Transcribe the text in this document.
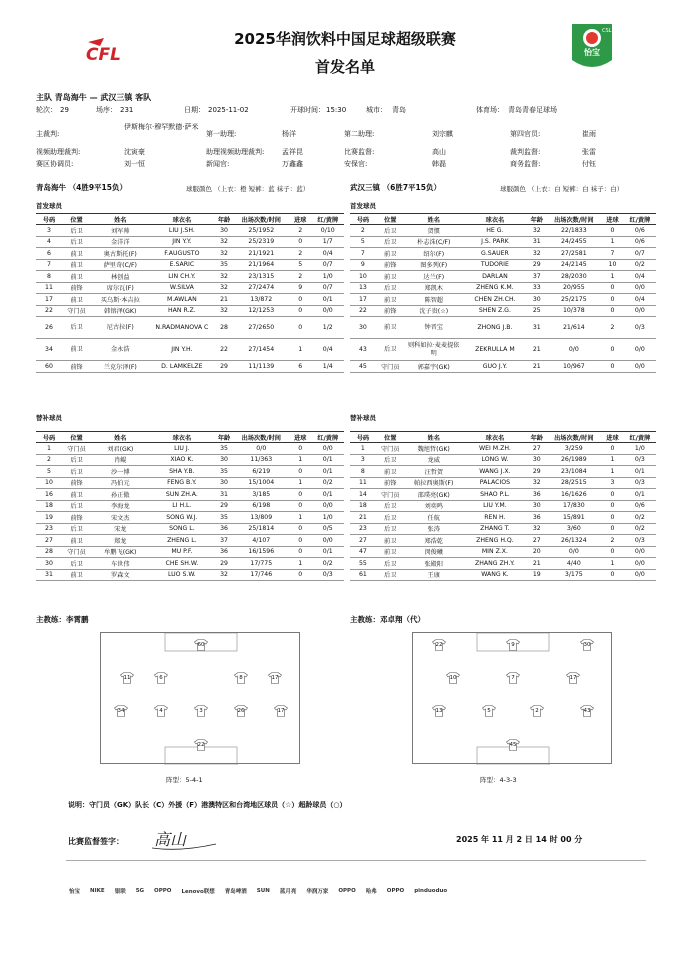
CFL	怡宝
CSL
2025华润饮料中国足球超级联赛
首发名单
主队 青岛海牛 — 武汉三镇 客队
轮次： 29	场序： 231	日期： 2025-11-02	开球时间： 15:30	城市： 青岛	体育场： 青岛青春足球场
主裁判:
伊斯梅尔·穆罕默德·萨米
第一助理:	杨洋	第二助理:	刘宗麒	第四官员:	崔雨
视频助理裁判:	沈寅豪	助理视频助理裁判:	孟祥昆	比赛监督:	高山	裁判监督:	张雷
赛区协调员:	刘一恒	新闻官:	万鑫鑫	安保官:	韩磊	商务监督:	付钰
青岛海牛 （4胜9平15负）	球服颜色 （上衣：橙 短裤：蓝 袜子：蓝）	武汉三镇 （6胜7平15负）	球服颜色 （上衣：白 短裤：白 袜子：白）
首发球员	首发球员
号码	位置	姓名	球衣名	年龄	出场次数/时间	进球	红/黄牌
3	后卫	刘军帅	LIU J.SH.	30	25/1952	2	0/10
4	后卫	金洋洋	JIN Y.Y.	32	25/2319	0	1/7
6	前卫	奥古斯托(F)	F.AUGUSTO	32	21/1921	2	0/4
7	前卫	萨里奇(C/F)	E.SARIC	35	21/1964	5	0/7
8	前卫	林创益	LIN CH.Y.	32	23/1315	2	1/0
11	前锋	席尔瓦(F)	W.SILVA	32	27/2474	9	0/7
17	前卫	买乌斯·本吉拉	M.AWLAN	21	13/872	0	0/1
22	守门员	韩镕泽(GK)	HAN R.Z.	32	12/1253	0	0/0
26	后卫	尼古拉(F)	N.RADMANOVA C	28	27/2650	0	1/2
34	前卫	金永浩	JIN Y.H.	22	27/1454	1	0/4
60	前锋	兰克尔泽(F)	D. LAMKELZE	29	11/1139	6	1/4
号码	位置	姓名	球衣名	年龄	出场次数/时间	进球	红/黄牌
2	后卫	贺惯	HE G.	32	22/1833	0	0/6
5	后卫	朴志洙(C/F)	J.S. PARK	31	24/2455	1	0/6
7	前卫	绍尔(F)	G.SAUER	32	27/2581	7	0/7
9	前锋	图多列(F)	TUDORIE	29	24/2145	10	0/2
10	前卫	达兰(F)	DARLAN	37	28/2030	1	0/4
13	后卫	郑凯木	ZHENG K.M.	33	20/955	0	0/0
17	前卫	陈智超	CHEN ZH.CH.	30	25/2175	0	0/4
22	前锋	沈子贵(☆)	SHEN Z.G.	25	10/378	0	0/0
30	前卫	钟晋宝	ZHONG J.B.	31	21/614	2	0/3
43	后卫	则科如拉·麦麦提依明	ZEKRULLA M	21	0/0	0	0/0
45	守门员	郭嘉宇(GK)	GUO J.Y.	21	10/967	0	0/0
替补球员	替补球员
号码	位置	姓名	球衣名	年龄	出场次数/时间	进球	红/黄牌
1	守门员	刘君(GK)	LIU J.	35	0/0	0	0/0
2	后卫	肖鲲	XIAO K.	30	11/363	1	0/1
5	后卫	沙一博	SHA Y.B.	35	6/219	0	0/1
10	前锋	冯伯元	FENG B.Y.	30	15/1004	1	0/2
16	前卫	孙正傲	SUN ZH.A.	31	3/185	0	0/1
18	后卫	李海龙	LI H.L.	29	6/198	0	0/0
19	前锋	宋文杰	SONG W.J.	35	13/809	1	1/0
23	后卫	宋龙	SONG L.	36	25/1814	0	0/5
27	前卫	郑龙	ZHENG L.	37	4/107	0	0/0
28	守门员	牟鹏飞(GK)	MU P.F.	36	16/1596	0	0/1
30	后卫	车世伟	CHE SH.W.	29	17/775	1	0/2
31	前卫	罗森文	LUO S.W.	32	17/746	0	0/3
号码	位置	姓名	球衣名	年龄	出场次数/时间	进球	红/黄牌
1	守门员	魏旭哲(GK)	WEI M.ZH.	27	3/259	0	1/0
3	后卫	龙威	LONG W.	30	26/1989	1	0/3
8	前卫	汪哲贺	WANG J.X.	29	23/1084	1	0/1
11	前锋	帕拉西奥斯(F)	PALACIOS	32	28/2515	3	0/3
14	守门员	邵璞亮(GK)	SHAO P.L.	36	16/1626	0	0/1
18	后卫	刘奕鸣	LIU Y.M.	30	17/830	0	0/6
21	后卫	任航	REN H.	36	15/891	0	0/2
23	后卫	张涛	ZHANG T.	32	3/60	0	0/2
27	前卫	郑浩乾	ZHENG H.Q.	27	26/1324	2	0/3
47	前卫	闵俊曦	MIN Z.X.	20	0/0	0	0/0
55	后卫	张殿阳	ZHANG ZH.Y.	21	4/40	1	0/0
61	后卫	王康	WANG K.	19	3/175	0	0/0
主教练：李霄鹏	主教练：邓卓翔（代）
60
11	6	8	17
34	4	3	26	17
22
22	9	30
10	7	17
13	5	2	43
45
阵型：5-4-1	阵型：4-3-3
说明：守门员（GK）队长（C）外援（F）港澳特区和台湾地区球员（☆）超龄球员（○）
比赛监督签字： 高山	2025 年 11 月 2 日 14 时 00 分
怡宝 NIKE 银联 5G OPPO Lenovo联想 青岛啤酒 SUN 蓝月亮 华润万家 OPPO 哈弗 OPPO pinduoduo
